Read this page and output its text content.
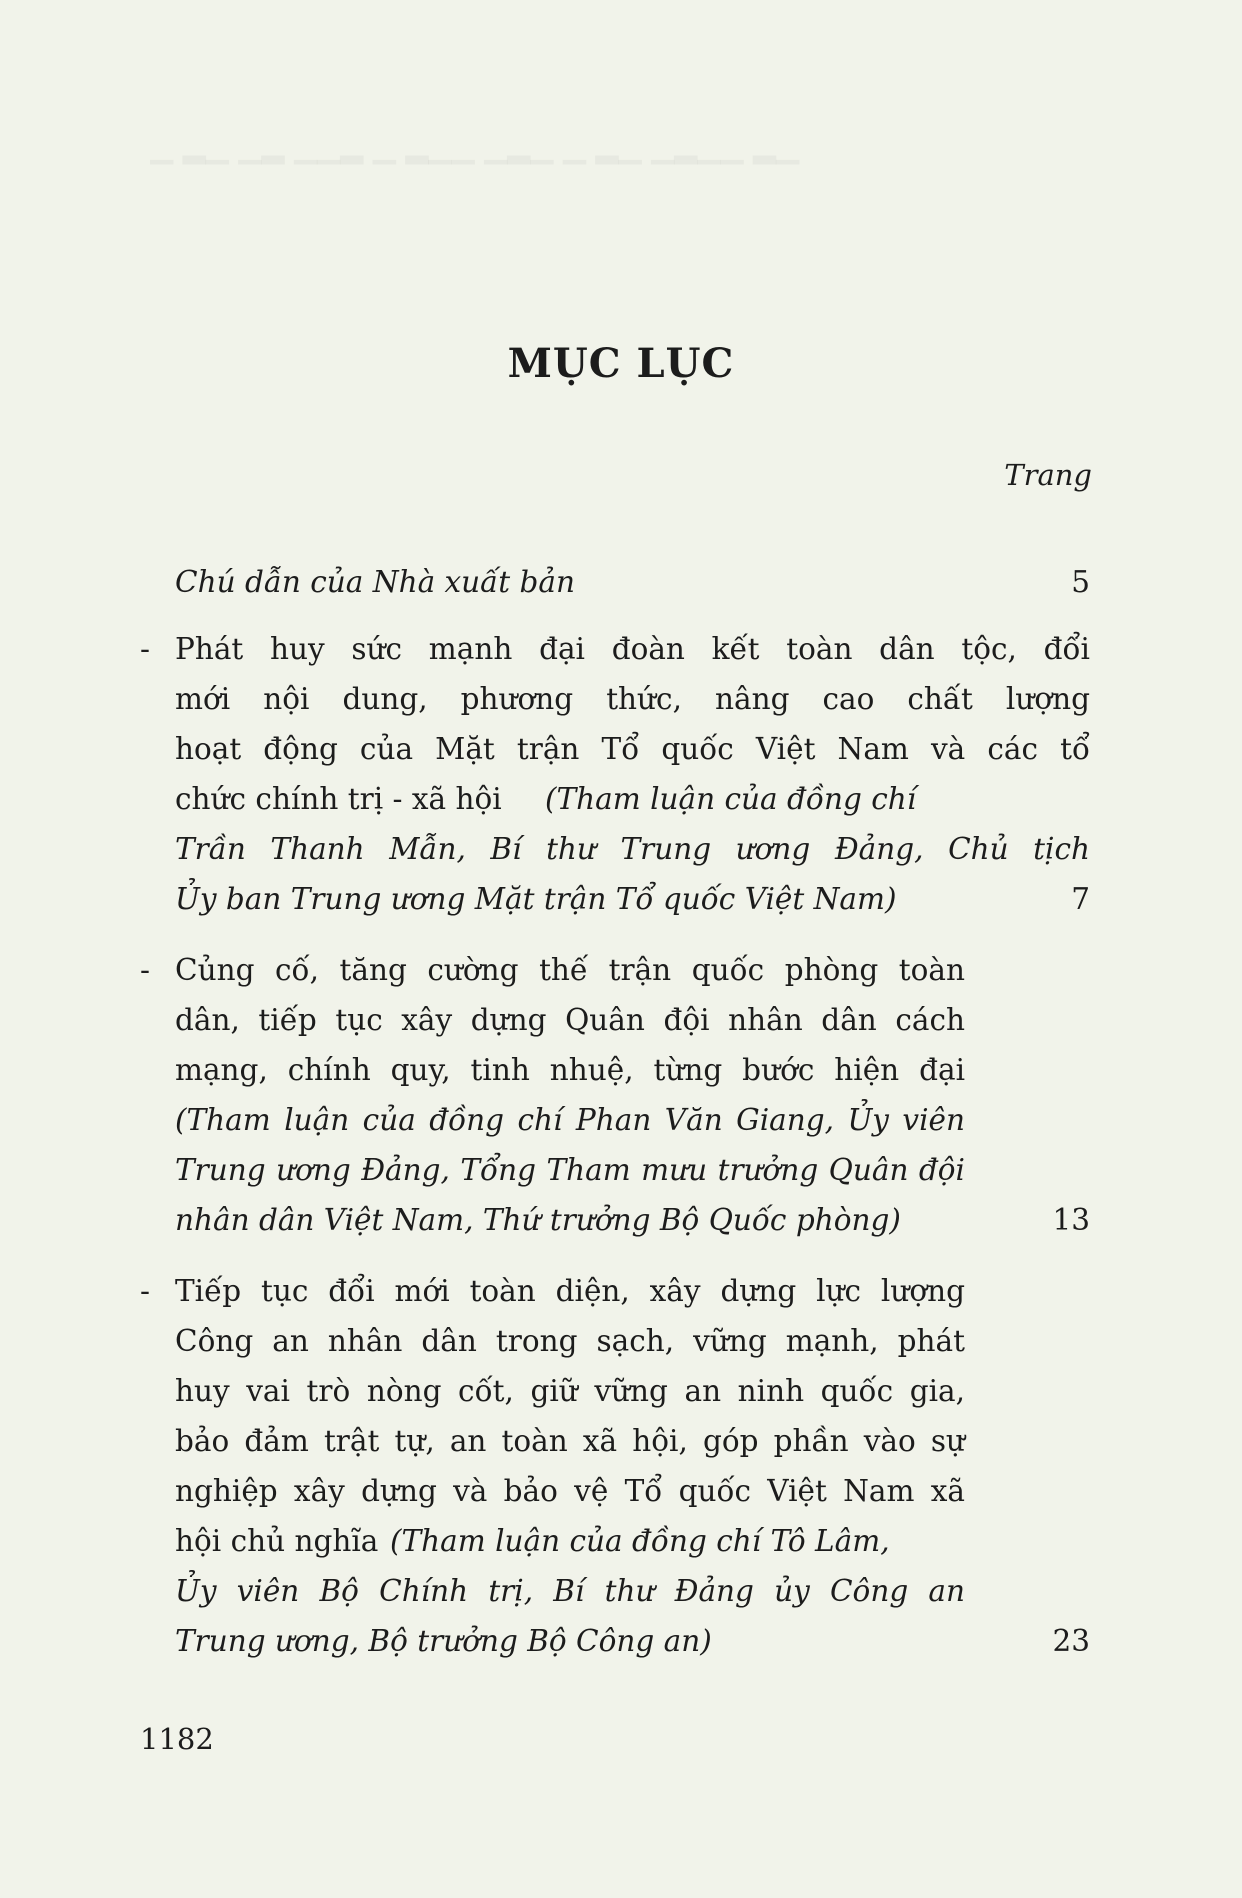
▁ ▂▁ ▁▂ ▁▁▂ ▁ ▂▁▁ ▁▂▁ ▁ ▂▁ ▁▂▁▁ ▂▁
MỤC LỤC
Trang
Chú dẫn của Nhà xuất bản	5
- Phát huy sức mạnh đại đoàn kết toàn dân tộc, đổi
mới nội dung, phương thức, nâng cao chất lượng
hoạt động của Mặt trận Tổ quốc Việt Nam và các tổ
chức chính trị - xã hội (Tham luận của đồng chí
Trần Thanh Mẫn, Bí thư Trung ương Đảng, Chủ tịch
Ủy ban Trung ương Mặt trận Tổ quốc Việt Nam)	7
- Củng cố, tăng cường thế trận quốc phòng toàn
dân, tiếp tục xây dựng Quân đội nhân dân cách
mạng, chính quy, tinh nhuệ, từng bước hiện đại
(Tham luận của đồng chí Phan Văn Giang, Ủy viên
Trung ương Đảng, Tổng Tham mưu trưởng Quân đội
nhân dân Việt Nam, Thứ trưởng Bộ Quốc phòng)	13
- Tiếp tục đổi mới toàn diện, xây dựng lực lượng
Công an nhân dân trong sạch, vững mạnh, phát
huy vai trò nòng cốt, giữ vững an ninh quốc gia,
bảo đảm trật tự, an toàn xã hội, góp phần vào sự
nghiệp xây dựng và bảo vệ Tổ quốc Việt Nam xã
hội chủ nghĩa (Tham luận của đồng chí Tô Lâm,
Ủy viên Bộ Chính trị, Bí thư Đảng ủy Công an
Trung ương, Bộ trưởng Bộ Công an)	23
1182
